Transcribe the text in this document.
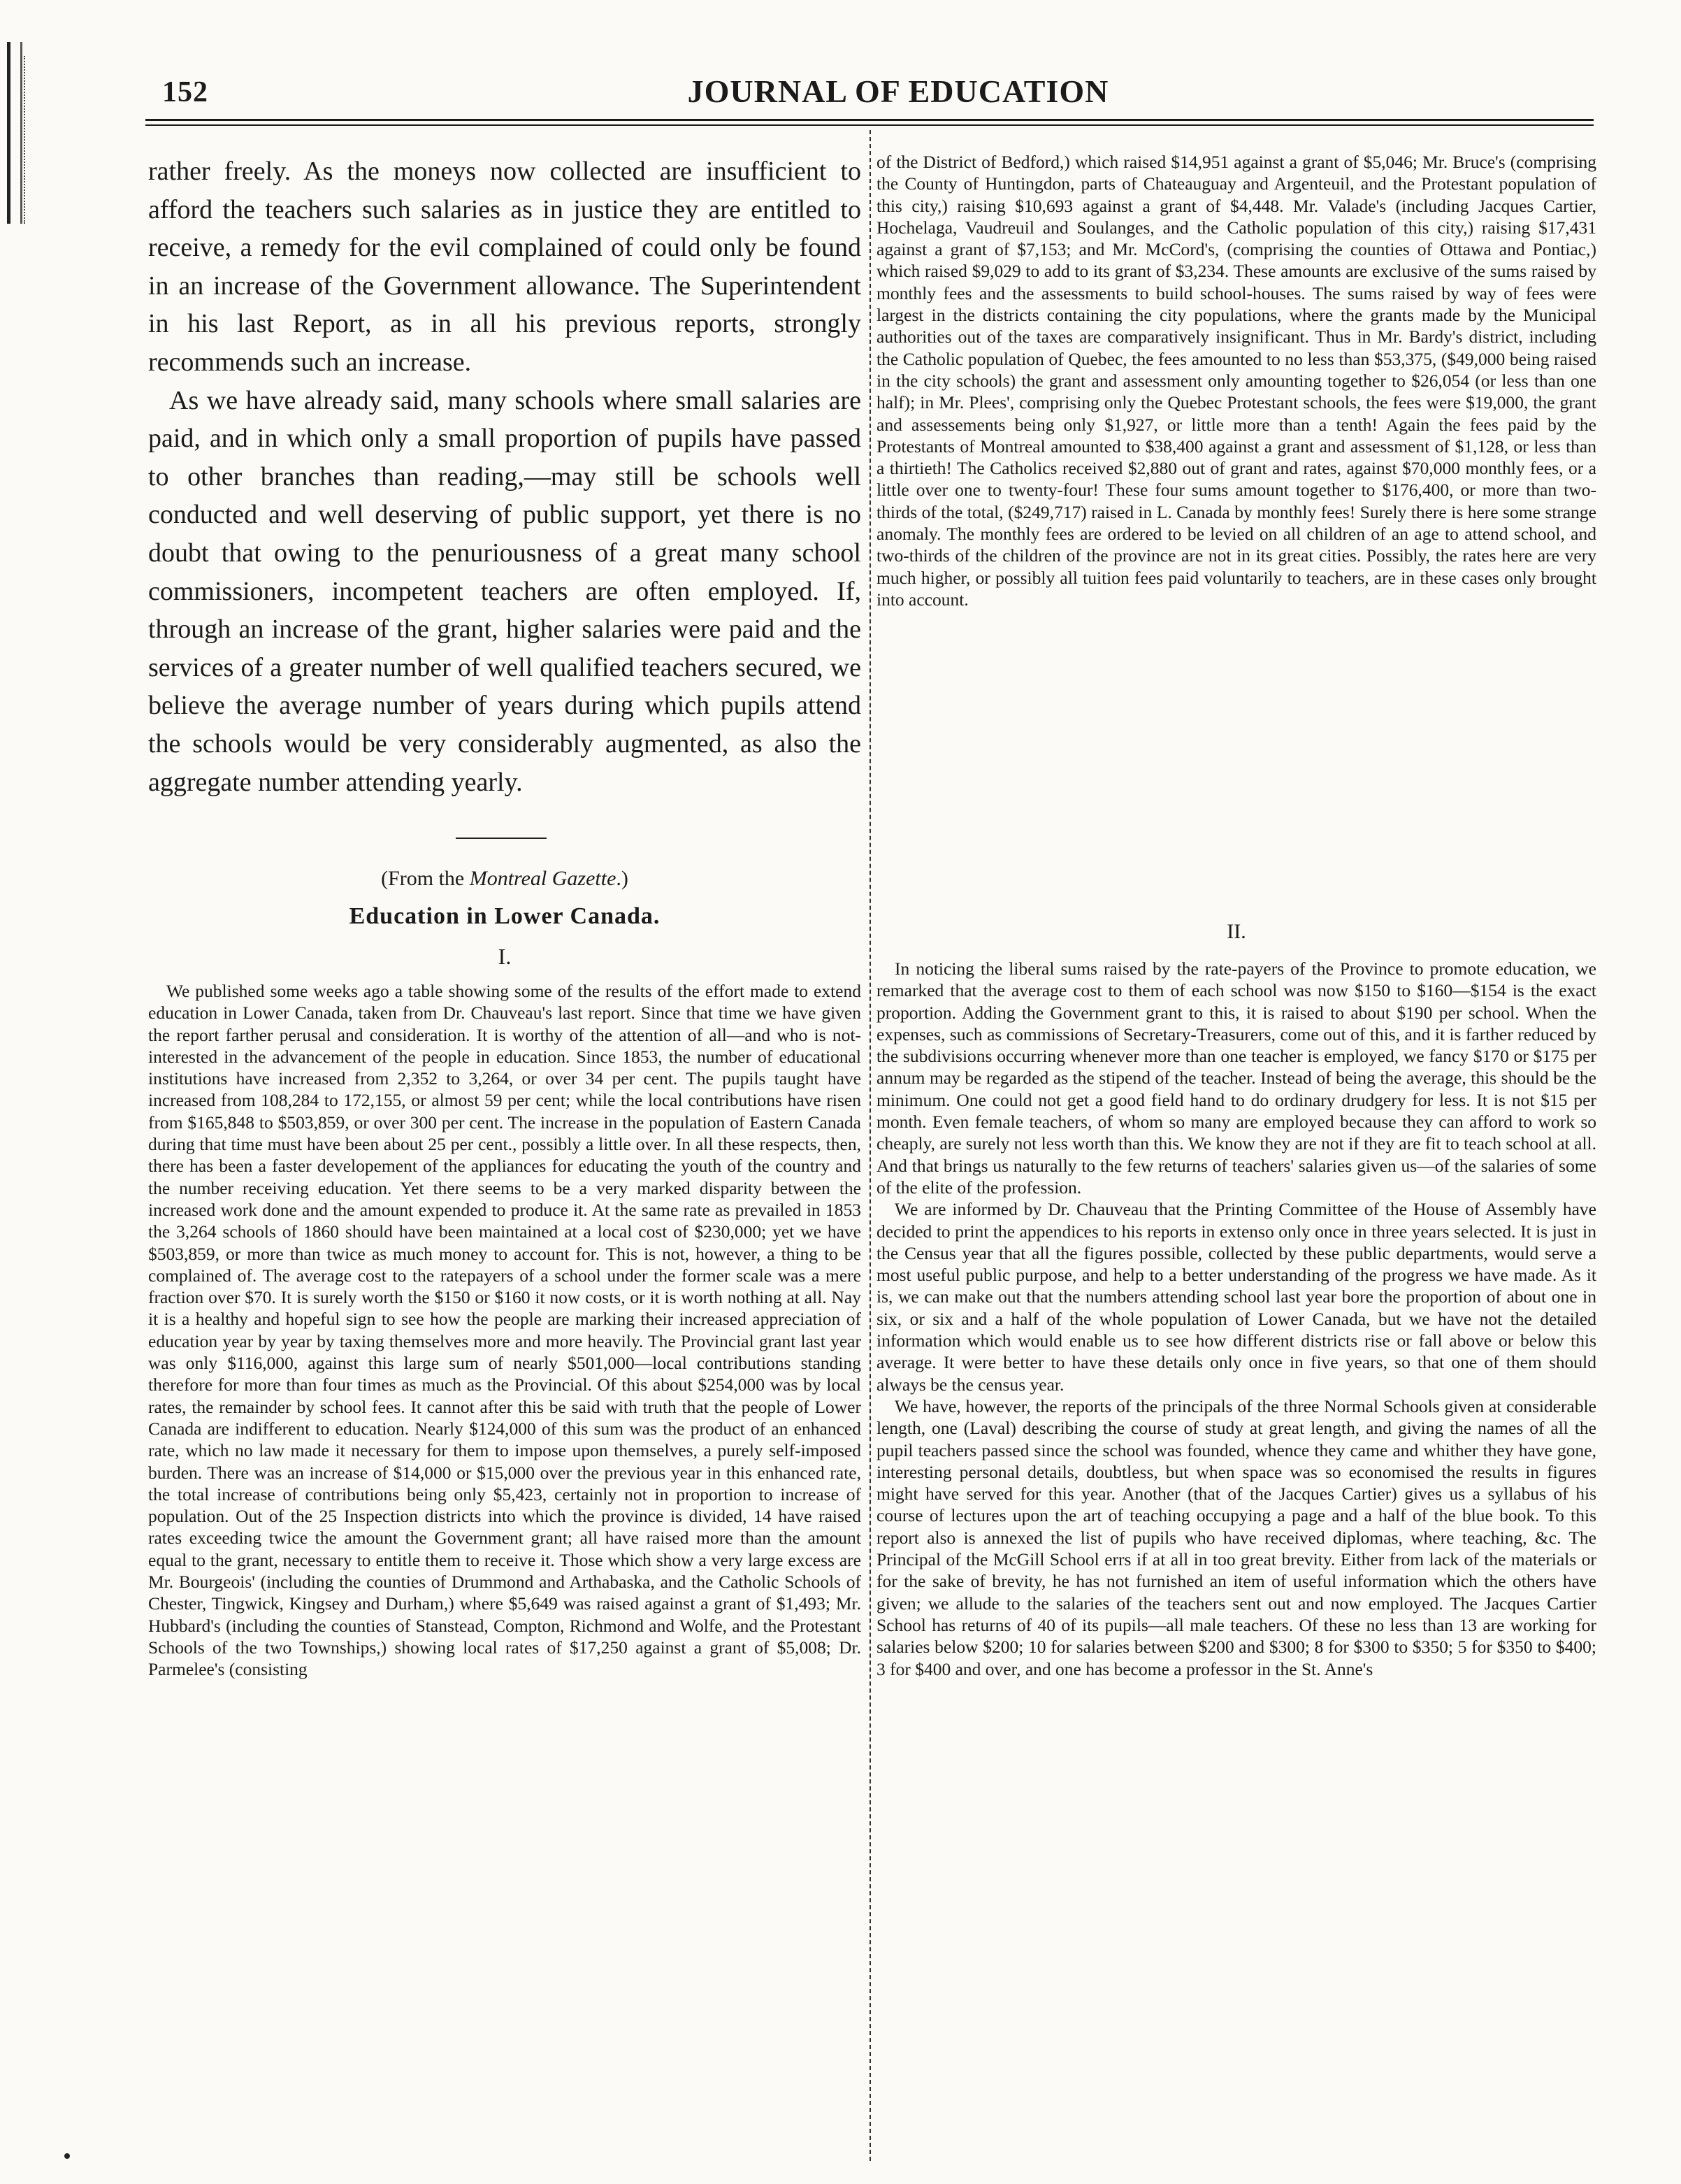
152	JOURNAL OF EDUCATION

rather freely. As the moneys now collected are insufficient to afford the teachers such salaries as in justice they are entitled to receive, a remedy for the evil complained of could only be found in an increase of the Government allowance. The Superintendent in his last Report, as in all his previous reports, strongly recommends such an increase.

As we have already said, many schools where small salaries are paid, and in which only a small proportion of pupils have passed to other branches than reading,—may still be schools well conducted and well deserving of public support, yet there is no doubt that owing to the penuriousness of a great many school commissioners, incompetent teachers are often employed. If, through an increase of the grant, higher salaries were paid and the services of a greater number of well qualified teachers secured, we believe the average number of years during which pupils attend the schools would be very considerably augmented, as also the aggregate number attending yearly.

(From the Montreal Gazette.)
Education in Lower Canada.
I.

We published some weeks ago a table showing some of the results of the effort made to extend education in Lower Canada, taken from Dr. Chauveau's last report. Since that time we have given the report farther perusal and consideration. It is worthy of the attention of all—and who is not- interested in the advancement of the people in education. Since 1853, the number of educational institutions have increased from 2,352 to 3,264, or over 34 per cent. The pupils taught have increased from 108,284 to 172,155, or almost 59 per cent; while the local contributions have risen from $165,848 to $503,859, or over 300 per cent. The increase in the population of Eastern Canada during that time must have been about 25 per cent., possibly a little over. In all these respects, then, there has been a faster developement of the appliances for educating the youth of the country and the number receiving education. Yet there seems to be a very marked disparity between the increased work done and the amount expended to produce it. At the same rate as prevailed in 1853 the 3,264 schools of 1860 should have been maintained at a local cost of $230,000; yet we have $503,859, or more than twice as much money to account for. This is not, however, a thing to be complained of. The average cost to the ratepayers of a school under the former scale was a mere fraction over $70. It is surely worth the $150 or $160 it now costs, or it is worth nothing at all. Nay it is a healthy and hopeful sign to see how the people are marking their increased appreciation of education year by year by taxing themselves more and more heavily. The Provincial grant last year was only $116,000, against this large sum of nearly $501,000—local contributions standing therefore for more than four times as much as the Provincial. Of this about $254,000 was by local rates, the remainder by school fees. It cannot after this be said with truth that the people of Lower Canada are indifferent to education. Nearly $124,000 of this sum was the product of an enhanced rate, which no law made it necessary for them to impose upon themselves, a purely self-imposed burden. There was an increase of $14,000 or $15,000 over the previous year in this enhanced rate, the total increase of contributions being only $5,423, certainly not in proportion to increase of population. Out of the 25 Inspection districts into which the province is divided, 14 have raised rates exceeding twice the amount the Government grant; all have raised more than the amount equal to the grant, necessary to entitle them to receive it. Those which show a very large excess are Mr. Bourgeois' (including the counties of Drummond and Arthabaska, and the Catholic Schools of Chester, Tingwick, Kingsey and Durham,) where $5,649 was raised against a grant of $1,493; Mr. Hubbard's (including the counties of Stanstead, Compton, Richmond and Wolfe, and the Protestant Schools of the two Townships,) showing local rates of $17,250 against a grant of $5,008; Dr. Parmelee's (consisting

of the District of Bedford,) which raised $14,951 against a grant of $5,046; Mr. Bruce's (comprising the County of Huntingdon, parts of Chateauguay and Argenteuil, and the Protestant population of this city,) raising $10,693 against a grant of $4,448. Mr. Valade's (including Jacques Cartier, Hochelaga, Vaudreuil and Soulanges, and the Catholic population of this city,) raising $17,431 against a grant of $7,153; and Mr. McCord's, (comprising the counties of Ottawa and Pontiac,) which raised $9,029 to add to its grant of $3,234. These amounts are exclusive of the sums raised by monthly fees and the assessments to build school-houses. The sums raised by way of fees were largest in the districts containing the city populations, where the grants made by the Municipal authorities out of the taxes are comparatively insignificant. Thus in Mr. Bardy's district, including the Catholic population of Quebec, the fees amounted to no less than $53,375, ($49,000 being raised in the city schools) the grant and assessment only amounting together to $26,054 (or less than one half); in Mr. Plees', comprising only the Quebec Protestant schools, the fees were $19,000, the grant and assessements being only $1,927, or little more than a tenth! Again the fees paid by the Protestants of Montreal amounted to $38,400 against a grant and assessment of $1,128, or less than a thirtieth! The Catholics received $2,880 out of grant and rates, against $70,000 monthly fees, or a little over one to twenty-four! These four sums amount together to $176,400, or more than two-thirds of the total, ($249,717) raised in L. Canada by monthly fees! Surely there is here some strange anomaly. The monthly fees are ordered to be levied on all children of an age to attend school, and two-thirds of the children of the province are not in its great cities. Possibly, the rates here are very much higher, or possibly all tuition fees paid voluntarily to teachers, are in these cases only brought into account.

II.

In noticing the liberal sums raised by the rate-payers of the Province to promote education, we remarked that the average cost to them of each school was now $150 to $160—$154 is the exact proportion. Adding the Government grant to this, it is raised to about $190 per school. When the expenses, such as commissions of Secretary-Treasurers, come out of this, and it is farther reduced by the subdivisions occurring whenever more than one teacher is employed, we fancy $170 or $175 per annum may be regarded as the stipend of the teacher. Instead of being the average, this should be the minimum. One could not get a good field hand to do ordinary drudgery for less. It is not $15 per month. Even female teachers, of whom so many are employed because they can afford to work so cheaply, are surely not less worth than this. We know they are not if they are fit to teach school at all. And that brings us naturally to the few returns of teachers' salaries given us—of the salaries of some of the elite of the profession.

We are informed by Dr. Chauveau that the Printing Committee of the House of Assembly have decided to print the appendices to his reports in extenso only once in three years selected. It is just in the Census year that all the figures possible, collected by these public departments, would serve a most useful public purpose, and help to a better understanding of the progress we have made. As it is, we can make out that the numbers attending school last year bore the proportion of about one in six, or six and a half of the whole population of Lower Canada, but we have not the detailed information which would enable us to see how different districts rise or fall above or below this average. It were better to have these details only once in five years, so that one of them should always be the census year.

We have, however, the reports of the principals of the three Normal Schools given at considerable length, one (Laval) describing the course of study at great length, and giving the names of all the pupil teachers passed since the school was founded, whence they came and whither they have gone, interesting personal details, doubtless, but when space was so economised the results in figures might have served for this year. Another (that of the Jacques Cartier) gives us a syllabus of his course of lectures upon the art of teaching occupying a page and a half of the blue book. To this report also is annexed the list of pupils who have received diplomas, where teaching, &c. The Principal of the McGill School errs if at all in too great brevity. Either from lack of the materials or for the sake of brevity, he has not furnished an item of useful information which the others have given; we allude to the salaries of the teachers sent out and now employed. The Jacques Cartier School has returns of 40 of its pupils—all male teachers. Of these no less than 13 are working for salaries below $200; 10 for salaries between $200 and $300; 8 for $300 to $350; 5 for $350 to $400; 3 for $400 and over, and one has become a professor in the St. Anne's
